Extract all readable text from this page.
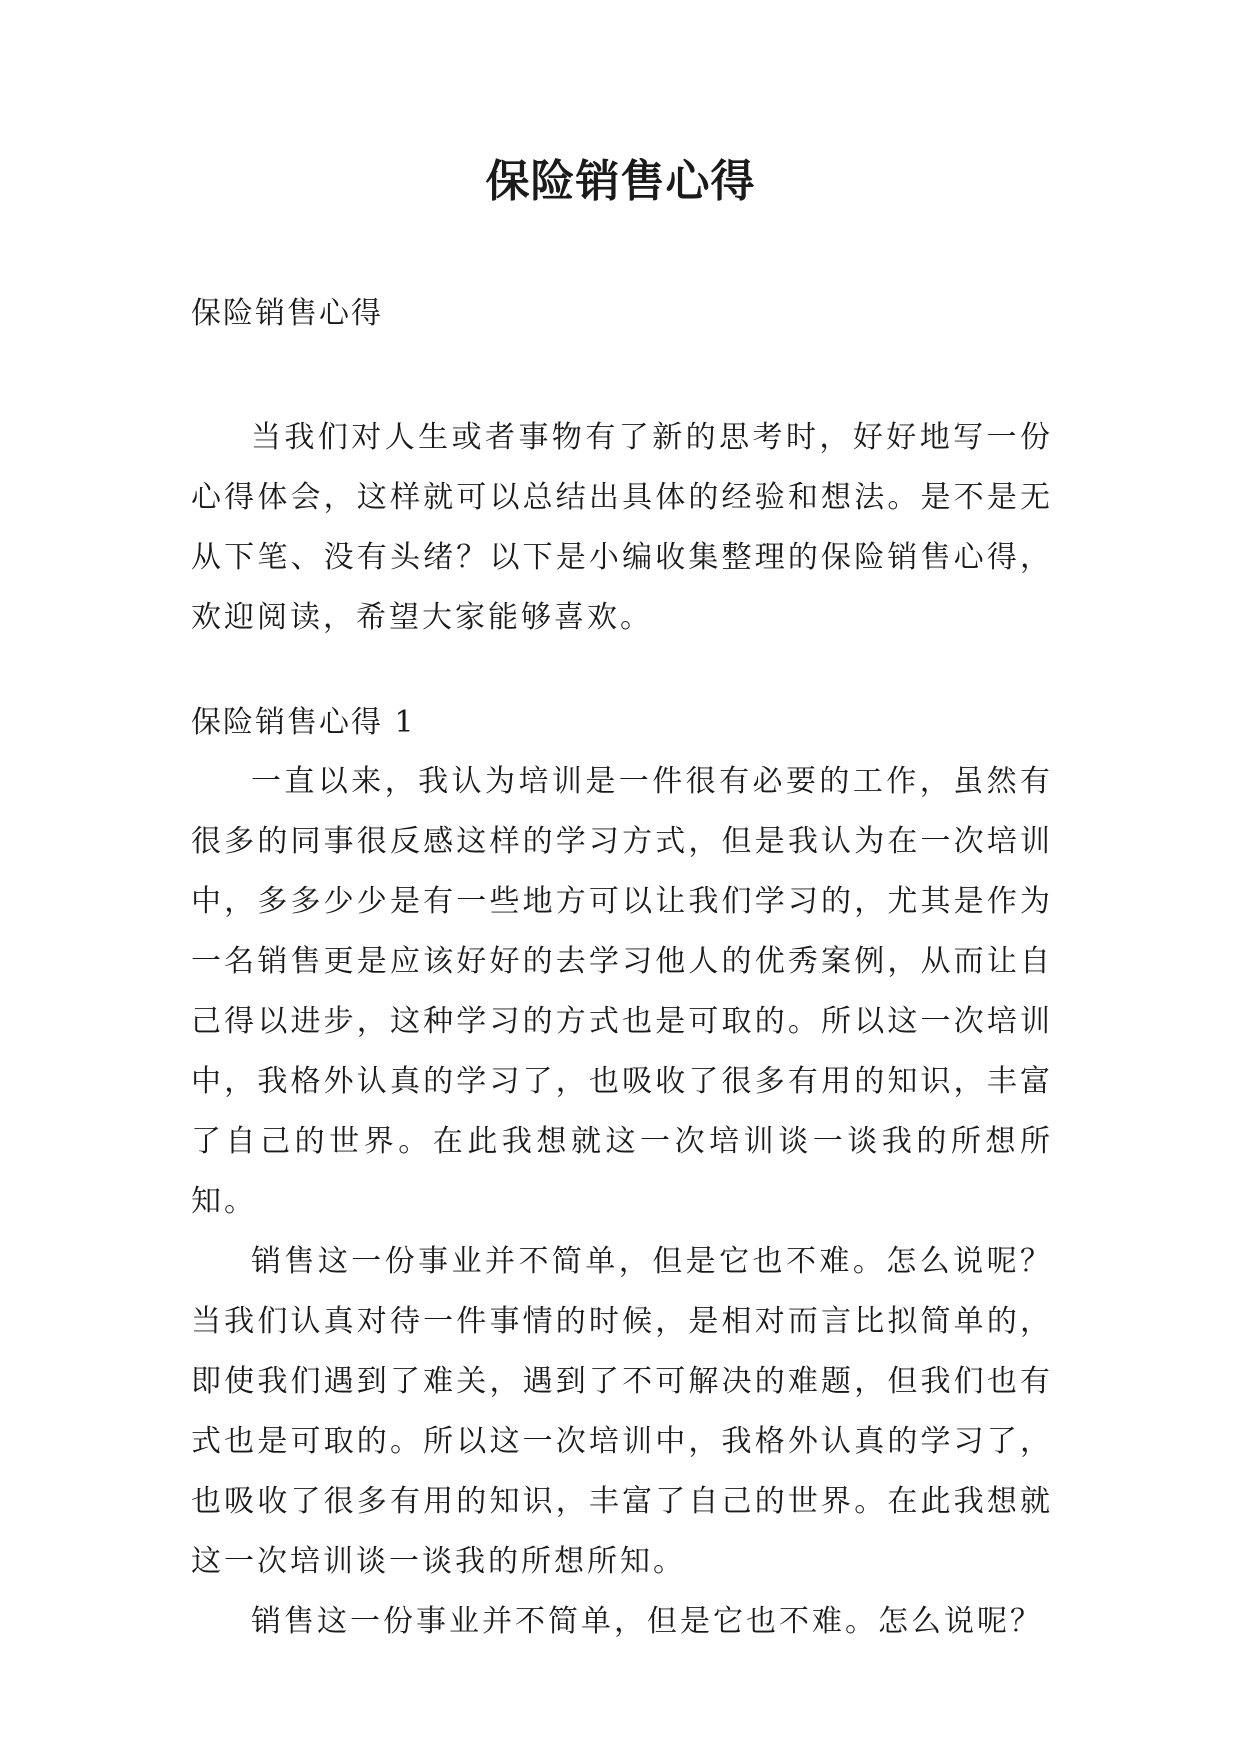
保险销售心得

保险销售心得

当我们对人生或者事物有了新的思考时，好好地写一份心得体会，这样就可以总结出具体的经验和想法。是不是无从下笔、没有头绪？以下是小编收集整理的保险销售心得，欢迎阅读，希望大家能够喜欢。

保险销售心得 1

一直以来，我认为培训是一件很有必要的工作，虽然有很多的同事很反感这样的学习方式，但是我认为在一次培训中，多多少少是有一些地方可以让我们学习的，尤其是作为一名销售更是应该好好的去学习他人的优秀案例，从而让自己得以进步，这种学习的方式也是可取的。所以这一次培训中，我格外认真的学习了，也吸收了很多有用的知识，丰富了自己的世界。在此我想就这一次培训谈一谈我的所想所知。

销售这一份事业并不简单，但是它也不难。怎么说呢？当我们认真对待一件事情的时候，是相对而言比拟简单的，即使我们遇到了难关，遇到了不可解决的难题，但我们也有式也是可取的。所以这一次培训中，我格外认真的学习了，也吸收了很多有用的知识，丰富了自己的世界。在此我想就这一次培训谈一谈我的所想所知。

销售这一份事业并不简单，但是它也不难。怎么说呢？
